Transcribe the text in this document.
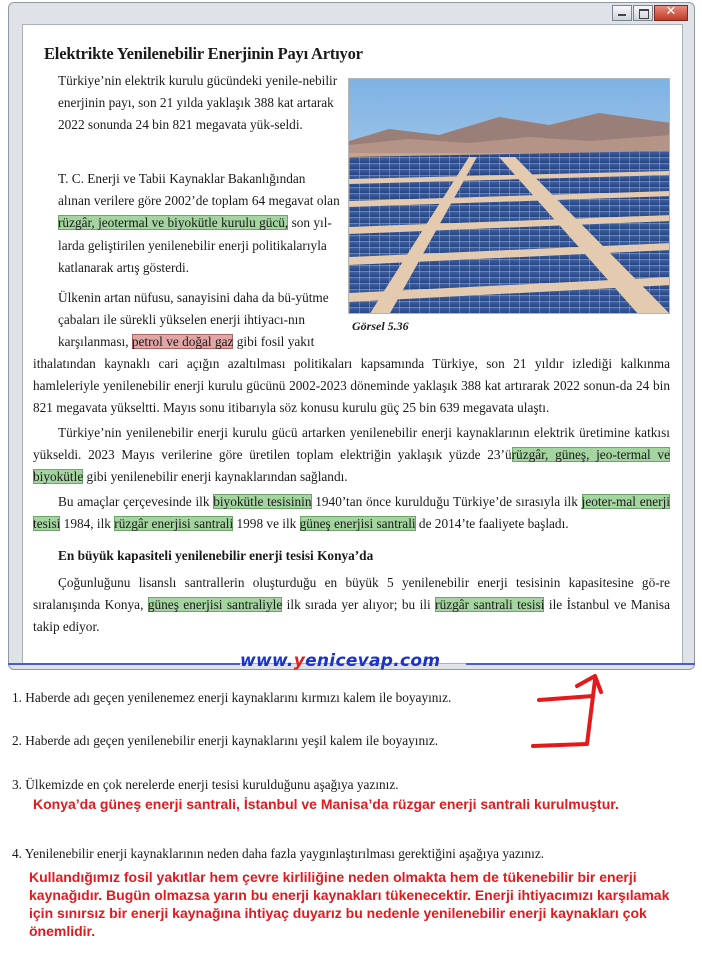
✕
Elektrikte Yenilenebilir Enerjinin Payı Artıyor
Görsel 5.36

Türkiye’nin elektrik kurulu gücündeki yenile-nebilir enerjinin payı, son 21 yılda yaklaşık 388 kat artarak 2022 sonunda 24 bin 821 megavata yük-seldi.

T. C. Enerji ve Tabii Kaynaklar Bakanlığından alınan verilere göre 2002’de toplam 64 megavat olan rüzgâr, jeotermal ve biyokütle kurulu gücü, son yıl-larda geliştirilen yenilenebilir enerji politikalarıyla katlanarak artış gösterdi.

Ülkenin artan nüfusu, sanayisini daha da bü-yütme çabaları ile sürekli yükselen enerji ihtiyacı-nın karşılanması, petrol ve doğal gaz gibi fosil yakıt

ithalatından kaynaklı cari açığın azaltılması politikaları kapsamında Türkiye, son 21 yıldır izlediği kalkınma hamleleriyle yenilenebilir enerji kurulu gücünü 2002-2023 döneminde yaklaşık 388 kat artırarak 2022 sonun-da 24 bin 821 megavata yükseltti. Mayıs sonu itibarıyla söz konusu kurulu güç 25 bin 639 megavata ulaştı.

Türkiye’nin yenilenebilir enerji kurulu gücü artarken yenilenebilir enerji kaynaklarının elektrik üretimine katkısı yükseldi. 2023 Mayıs verilerine göre üretilen toplam elektriğin yaklaşık yüzde 23’ürüzgâr, güneş, jeo-termal ve biyokütle gibi yenilenebilir enerji kaynaklarından sağlandı.

Bu amaçlar çerçevesinde ilk biyokütle tesisinin 1940’tan önce kurulduğu Türkiye’de sırasıyla ilk jeoter-mal enerji tesisi 1984, ilk rüzgâr enerjisi santrali 1998 ve ilk güneş enerjisi santrali de 2014’te faaliyete başladı.

En büyük kapasiteli yenilenebilir enerji tesisi Konya’da

Çoğunluğunu lisanslı santrallerin oluşturduğu en büyük 5 yenilenebilir enerji tesisinin kapasitesine gö-re sıralanışında Konya, güneş enerjisi santraliyle ilk sırada yer alıyor; bu ili rüzgâr santrali tesisi ile İstanbul ve Manisa takip ediyor.

www.yenicevap.com

1. Haberde adı geçen yenilenemez enerji kaynaklarını kırmızı kalem ile boyayınız.

2. Haberde adı geçen yenilenebilir enerji kaynaklarını yeşil kalem ile boyayınız.

3. Ülkemizde en çok nerelerde enerji tesisi kurulduğunu aşağıya yazınız.

Konya’da güneş enerji santrali, İstanbul ve Manisa’da rüzgar enerji santrali kurulmuştur.

4. Yenilenebilir enerji kaynaklarının neden daha fazla yaygınlaştırılması gerektiğini aşağıya yazınız.

Kullandığımız fosil yakıtlar hem çevre kirliliğine neden olmakta hem de tükenebilir bir enerji kaynağıdır. Bugün olmazsa yarın bu enerji kaynakları tükenecektir. Enerji ihtiyacımızı karşılamak için sınırsız bir enerji kaynağına ihtiyaç duyarız bu nedenle yenilenebilir enerji kaynakları çok önemlidir.
